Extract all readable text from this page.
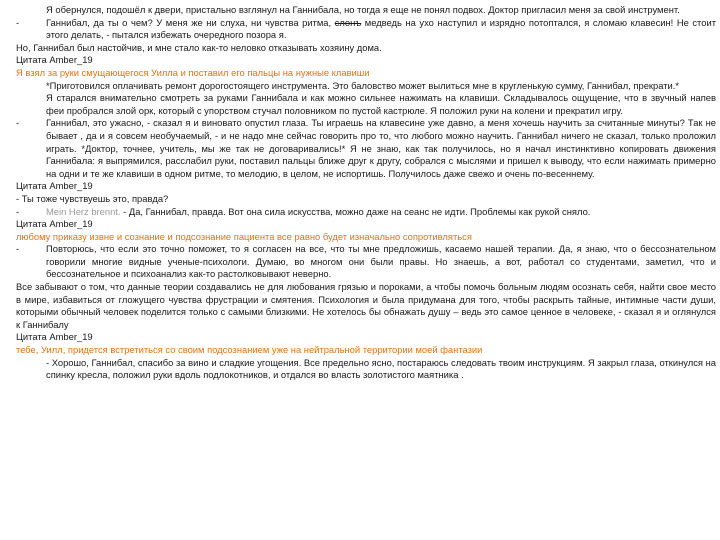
Я обернулся, подошёл к двери, пристально взглянул на Ганнибала, но тогда я еще не понял подвох. Доктор пригласил меня за свой инструмент.

-	Ганнибал, да ты о чем? У меня же ни слуха, ни чувства ритма, слонъ медведь на ухо наступил и изрядно потоптался, я сломаю клавесин! Не стоит этого делать, - пытался избежать очередного позора я.

Но, Ганнибал был настойчив, и мне стало как-то неловко отказывать хозяину дома.

Цитата Amber_19

Я взял за руки смущающегося Уилла и поставил его пальцы на нужные клавиши

*Приготовился оплачивать ремонт дорогостоящего инструмента. Это баловство может вылиться мне в кругленькую сумму, Ганнибал, прекрати.*

Я старался внимательно смотреть за руками Ганнибала и как можно сильнее нажимать на клавиши. Складывалось ощущение, что в звучный напев феи пробрался злой орк, который с упорством стучал половником по пустой кастрюле. Я положил руки на колени и прекратил игру.

-	Ганнибал, это ужасно, - сказал я и виновато опустил глаза. Ты играешь на клавесине уже давно, а меня хочешь научить за считанные минуты? Так не бывает , да и я совсем необучаемый, - и не надо мне сейчас говорить про то, что любого можно научить. Ганнибал ничего не сказал, только проложил играть. *Доктор, точнее, учитель, мы же так не договаривались!* Я не знаю, как так получилось, но я начал инстинктивно копировать движения Ганнибала: я выпрямился, расслабил руки, поставил пальцы ближе друг к другу, собрался с мыслями и пришел к выводу, что если нажимать примерно на одни и те же клавиши в одном ритме, то мелодию, в целом, не испортишь. Получилось даже свежо и очень по-весеннему.

Цитата Amber_19

- Ты тоже чувствуешь это, правда?

-	Mein Herz brennt. - Да, Ганнибал, правда. Вот она сила искусства, можно даже на сеанс не идти. Проблемы как рукой сняло.

Цитата Amber_19

любому приказу извне и сознание и подсознание пациента все равно будет изначально сопротивляться

-	Повторюсь, что если это точно поможет, то я согласен на все, что ты мне предложишь, касаемо нашей терапии. Да, я знаю, что о бессознательном говорили многие видные ученые-психологи. Думаю, во многом они были правы. Но знаешь, а вот, работал со студентами, заметил, что и бессознательное и психоанализ как-то растолковывают неверно.

Все забывают о том, что данные теории создавались не для любования грязью и пороками, а чтобы помочь больным людям осознать себя, найти свое место в мире, избавиться от гложущего чувства фрустрации и смятения. Психология и была придумана для того, чтобы раскрыть тайные, интимные части души, которыми обычный человек поделится только с самыми близкими. Не хотелось бы обнажать душу – ведь это самое ценное в человеке, - сказал я и оглянулся к Ганнибалу

Цитата Amber_19

тебе, Уилл, придется встретиться со своим подсознанием уже на нейтральной территории моей фантазии

- Хорошо, Ганнибал, спасибо за вино и сладкие угощения. Все предельно ясно, постараюсь следовать твоим инструкциям. Я закрыл глаза, откинулся на спинку кресла, положил руки вдоль подлокотников, и отдался во власть золотистого маятника .
